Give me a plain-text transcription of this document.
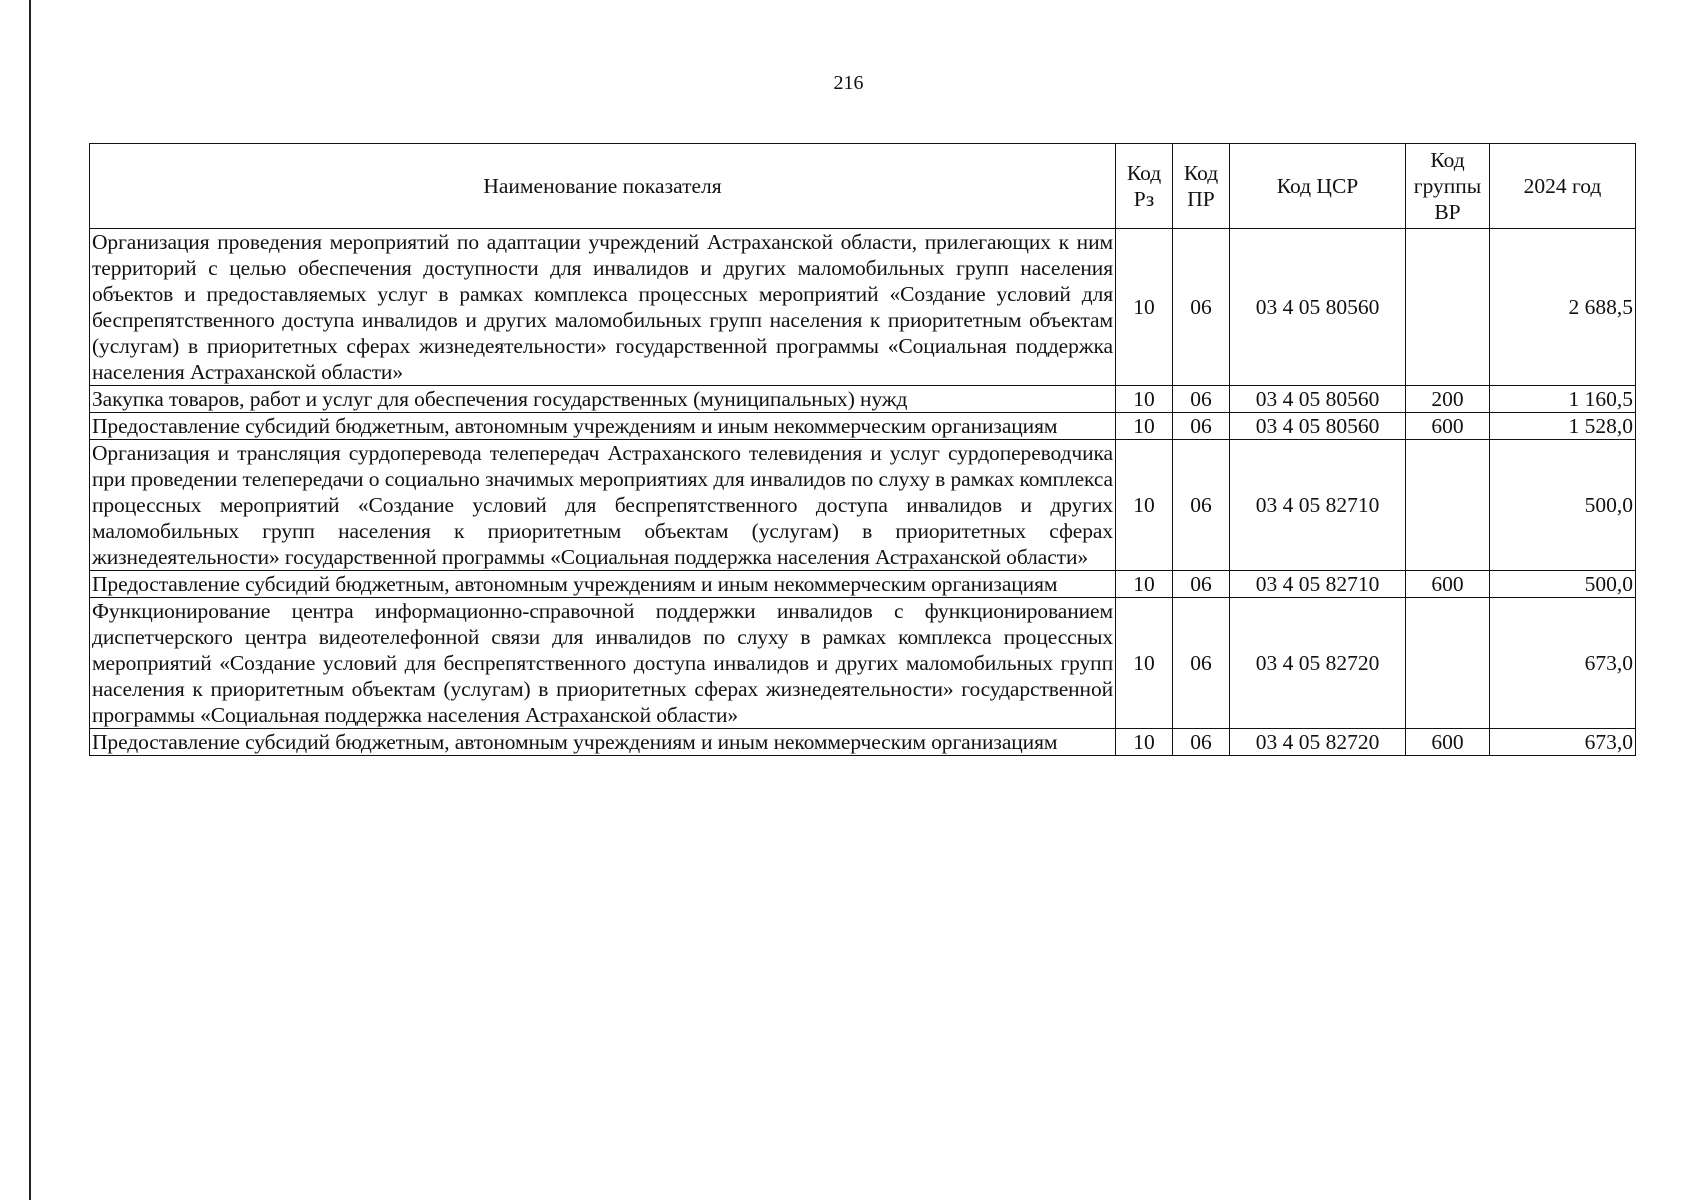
216
Наименование показателя	Код Рз	Код ПР	Код ЦСР	Код группы ВР	2024 год
Организация проведения мероприятий по адаптации учреждений Астраханской области, прилегающих к ним территорий с целью обеспечения доступности для инвалидов и других маломобильных групп населения объектов и предоставляемых услуг в рамках комплекса процессных мероприятий «Создание условий для беспрепятственного доступа инвалидов и других маломобильных групп населения к приоритетным объектам (услугам) в приоритетных сферах жизнедеятельности» государственной программы «Социальная поддержка населения Астраханской области»	10	06	03 4 05 80560		2 688,5
Закупка товаров, работ и услуг для обеспечения государственных (муниципальных) нужд	10	06	03 4 05 80560	200	1 160,5
Предоставление субсидий бюджетным, автономным учреждениям и иным некоммерческим организациям	10	06	03 4 05 80560	600	1 528,0
Организация и трансляция сурдоперевода телепередач Астраханского телевидения и услуг сурдопереводчика при проведении телепередачи о социально значимых мероприятиях для инвалидов по слуху в рамках комплекса процессных мероприятий «Создание условий для беспрепятственного доступа инвалидов и других маломобильных групп населения к приоритетным объектам (услугам) в приоритетных сферах жизнедеятельности» государственной программы «Социальная поддержка населения Астраханской области»	10	06	03 4 05 82710		500,0
Предоставление субсидий бюджетным, автономным учреждениям и иным некоммерческим организациям	10	06	03 4 05 82710	600	500,0
Функционирование центра информационно-справочной поддержки инвалидов с функционированием диспетчерского центра видеотелефонной связи для инвалидов по слуху в рамках комплекса процессных мероприятий «Создание условий для беспрепятственного доступа инвалидов и других маломобильных групп населения к приоритетным объектам (услугам) в приоритетных сферах жизнедеятельности» государственной программы «Социальная поддержка населения Астраханской области»	10	06	03 4 05 82720		673,0
Предоставление субсидий бюджетным, автономным учреждениям и иным некоммерческим организациям	10	06	03 4 05 82720	600	673,0
